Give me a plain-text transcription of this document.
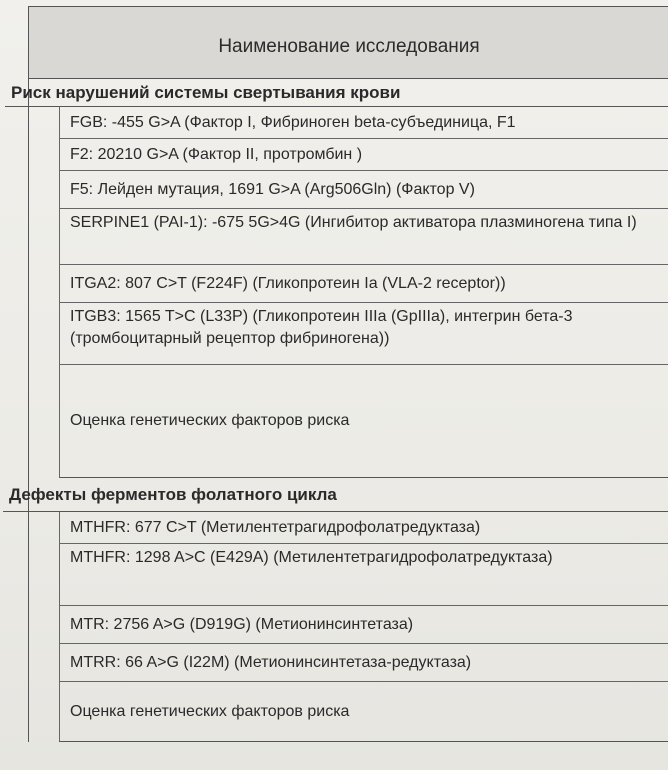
Наименование исследования
Риск нарушений системы свертывания крови
FGB: -455 G>A (Фактор I, Фибриноген beta-субъединица, F1
F2: 20210 G>A (Фактор II, протромбин )
F5: Лейден мутация, 1691 G>A (Arg506Gln) (Фактор V)
SERPINE1 (PAI-1): -675 5G>4G (Ингибитор активатора плазминогена типа I)
ITGA2: 807 C>T (F224F) (Гликопротеин Ia (VLA-2 receptor))
ITGB3: 1565 T>C (L33P) (Гликопротеин IIIa (GpIIIa), интегрин бета-3 (тромбоцитарный рецептор фибриногена))
Оценка генетических факторов риска
Дефекты ферментов фолатного цикла
MTHFR: 677 C>T (Метилентетрагидрофолатредуктаза)
MTHFR: 1298 A>C (E429A) (Метилентетрагидрофолатредуктаза)
MTR: 2756 A>G (D919G) (Метионинсинтетаза)
MTRR: 66 A>G (I22M) (Метионинсинтетаза-редуктаза)
Оценка генетических факторов риска
